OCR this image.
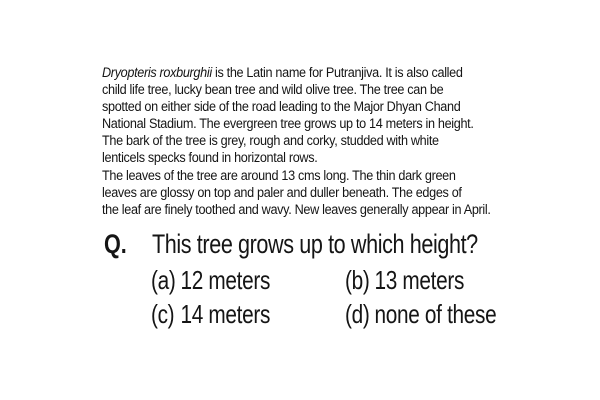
Dryopteris roxburghii is the Latin name for Putranjiva. It is also called
child life tree, lucky bean tree and wild olive tree. The tree can be
spotted on either side of the road leading to the Major Dhyan Chand
National Stadium. The evergreen tree grows up to 14 meters in height.
The bark of the tree is grey, rough and corky, studded with white
lenticels specks found in horizontal rows.
The leaves of the tree are around 13 cms long. The thin dark green
leaves are glossy on top and paler and duller beneath. The edges of
the leaf are finely toothed and wavy. New leaves generally appear in April.
Q. This tree grows up to which height?
(a) 12 meters	(b) 13 meters
(c) 14 meters	(d) none of these
